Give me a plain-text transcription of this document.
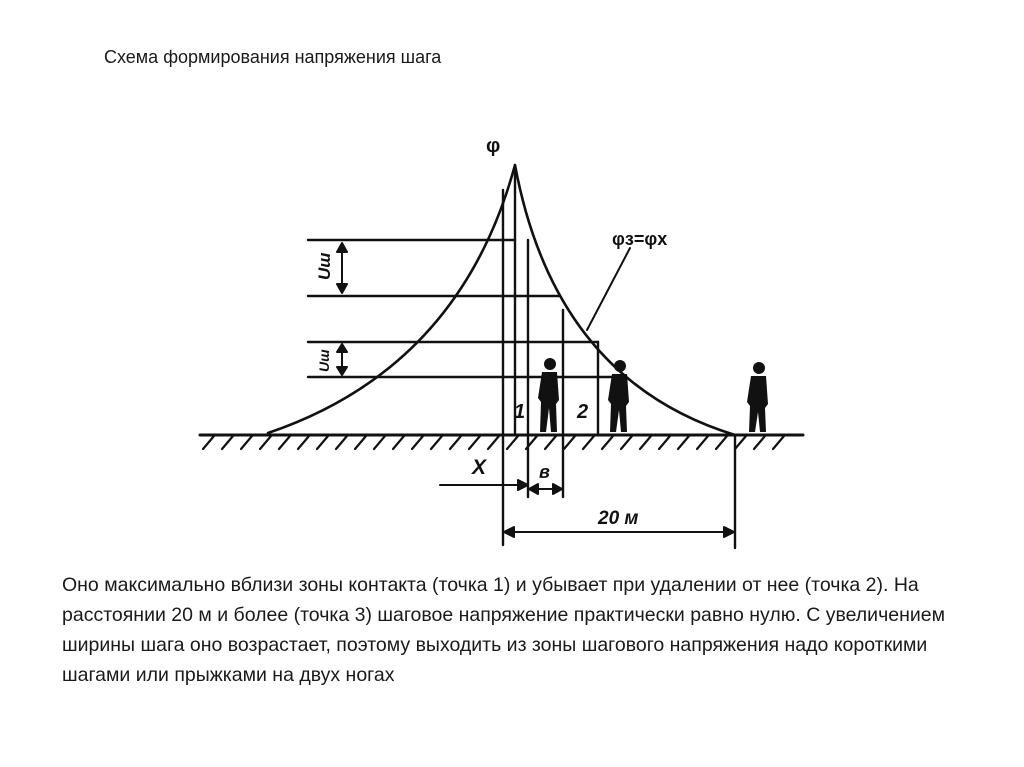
Схема формирования напряжения шага
φ
φз=φх
Uш
Uш
1	2
X	в
20 м

Оно максимально вблизи зоны контакта (точка 1) и убывает при удалении от нее (точка 2). На расстоянии 20 м и более (точка 3) шаговое напряжение практически равно нулю. С увеличением ширины шага оно возрастает, поэтому выходить из зоны шагового напряжения надо короткими шагами или прыжками на двух ногах
